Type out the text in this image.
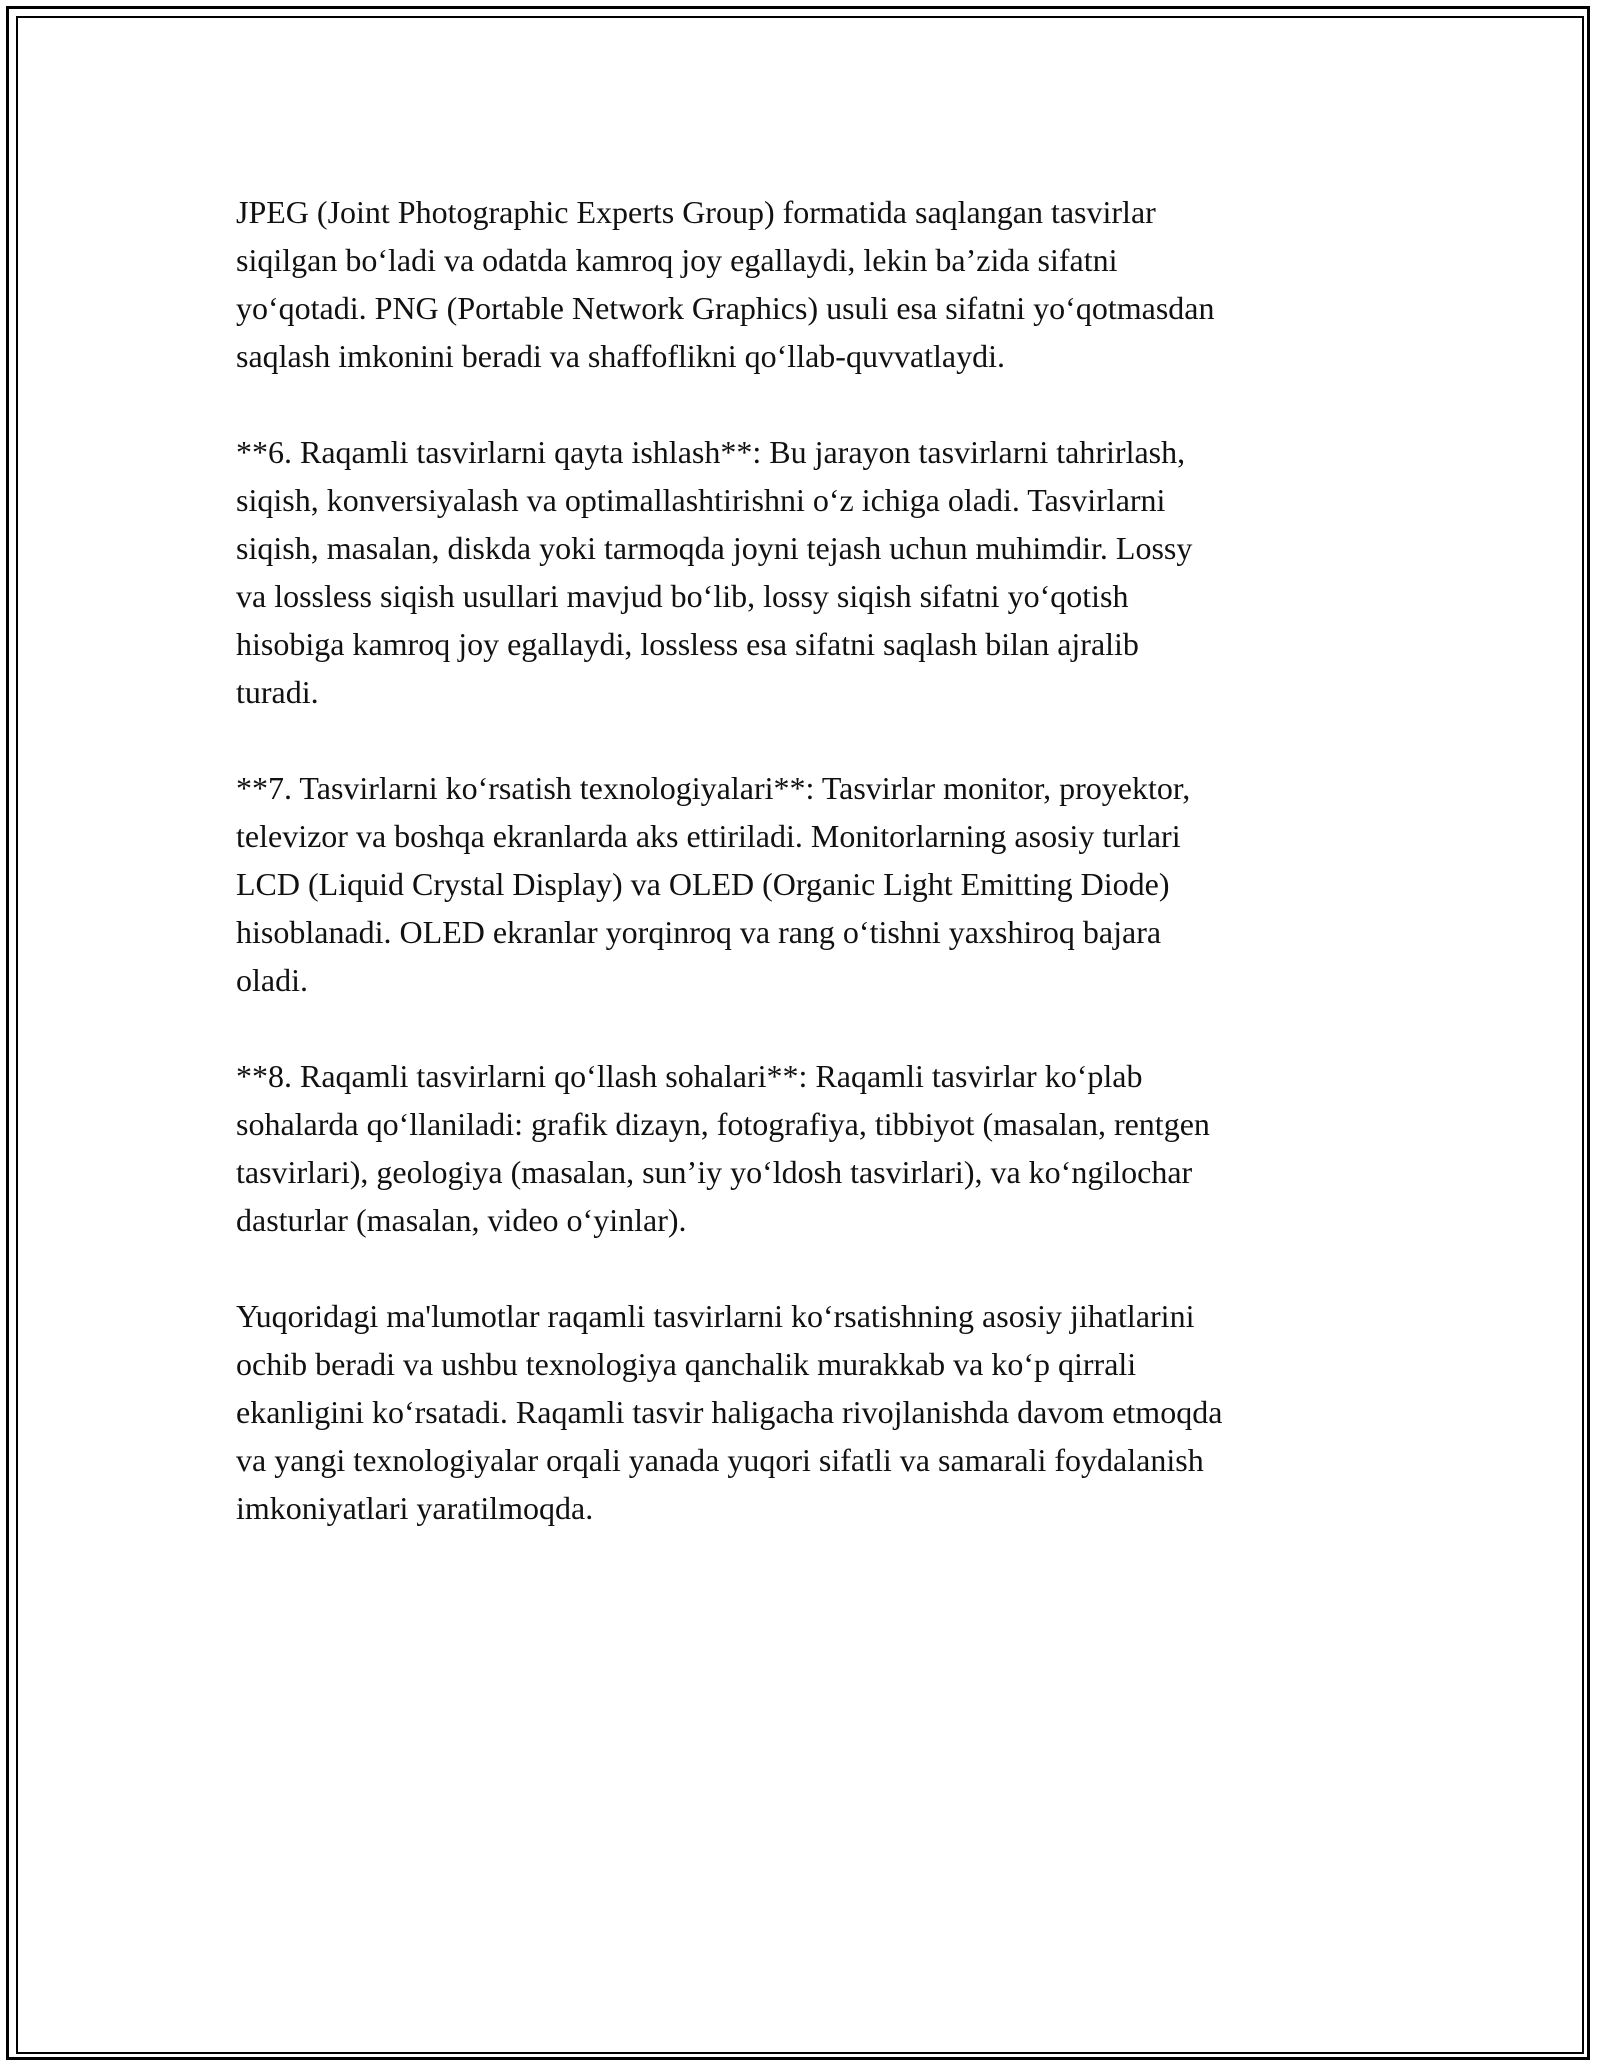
JPEG (Joint Photographic Experts Group) formatida saqlangan tasvirlar
siqilgan bo‘ladi va odatda kamroq joy egallaydi, lekin ba’zida sifatni
yo‘qotadi. PNG (Portable Network Graphics) usuli esa sifatni yo‘qotmasdan
saqlash imkonini beradi va shaffoflikni qo‘llab-quvvatlaydi.

**6. Raqamli tasvirlarni qayta ishlash**: Bu jarayon tasvirlarni tahrirlash,
siqish, konversiyalash va optimallashtirishni o‘z ichiga oladi. Tasvirlarni
siqish, masalan, diskda yoki tarmoqda joyni tejash uchun muhimdir. Lossy
va lossless siqish usullari mavjud bo‘lib, lossy siqish sifatni yo‘qotish
hisobiga kamroq joy egallaydi, lossless esa sifatni saqlash bilan ajralib
turadi.

**7. Tasvirlarni ko‘rsatish texnologiyalari**: Tasvirlar monitor, proyektor,
televizor va boshqa ekranlarda aks ettiriladi. Monitorlarning asosiy turlari
LCD (Liquid Crystal Display) va OLED (Organic Light Emitting Diode)
hisoblanadi. OLED ekranlar yorqinroq va rang o‘tishni yaxshiroq bajara
oladi.

**8. Raqamli tasvirlarni qo‘llash sohalari**: Raqamli tasvirlar ko‘plab
sohalarda qo‘llaniladi: grafik dizayn, fotografiya, tibbiyot (masalan, rentgen
tasvirlari), geologiya (masalan, sun’iy yo‘ldosh tasvirlari), va ko‘ngilochar
dasturlar (masalan, video o‘yinlar).

Yuqoridagi ma'lumotlar raqamli tasvirlarni ko‘rsatishning asosiy jihatlarini
ochib beradi va ushbu texnologiya qanchalik murakkab va ko‘p qirrali
ekanligini ko‘rsatadi. Raqamli tasvir haligacha rivojlanishda davom etmoqda
va yangi texnologiyalar orqali yanada yuqori sifatli va samarali foydalanish
imkoniyatlari yaratilmoqda.
